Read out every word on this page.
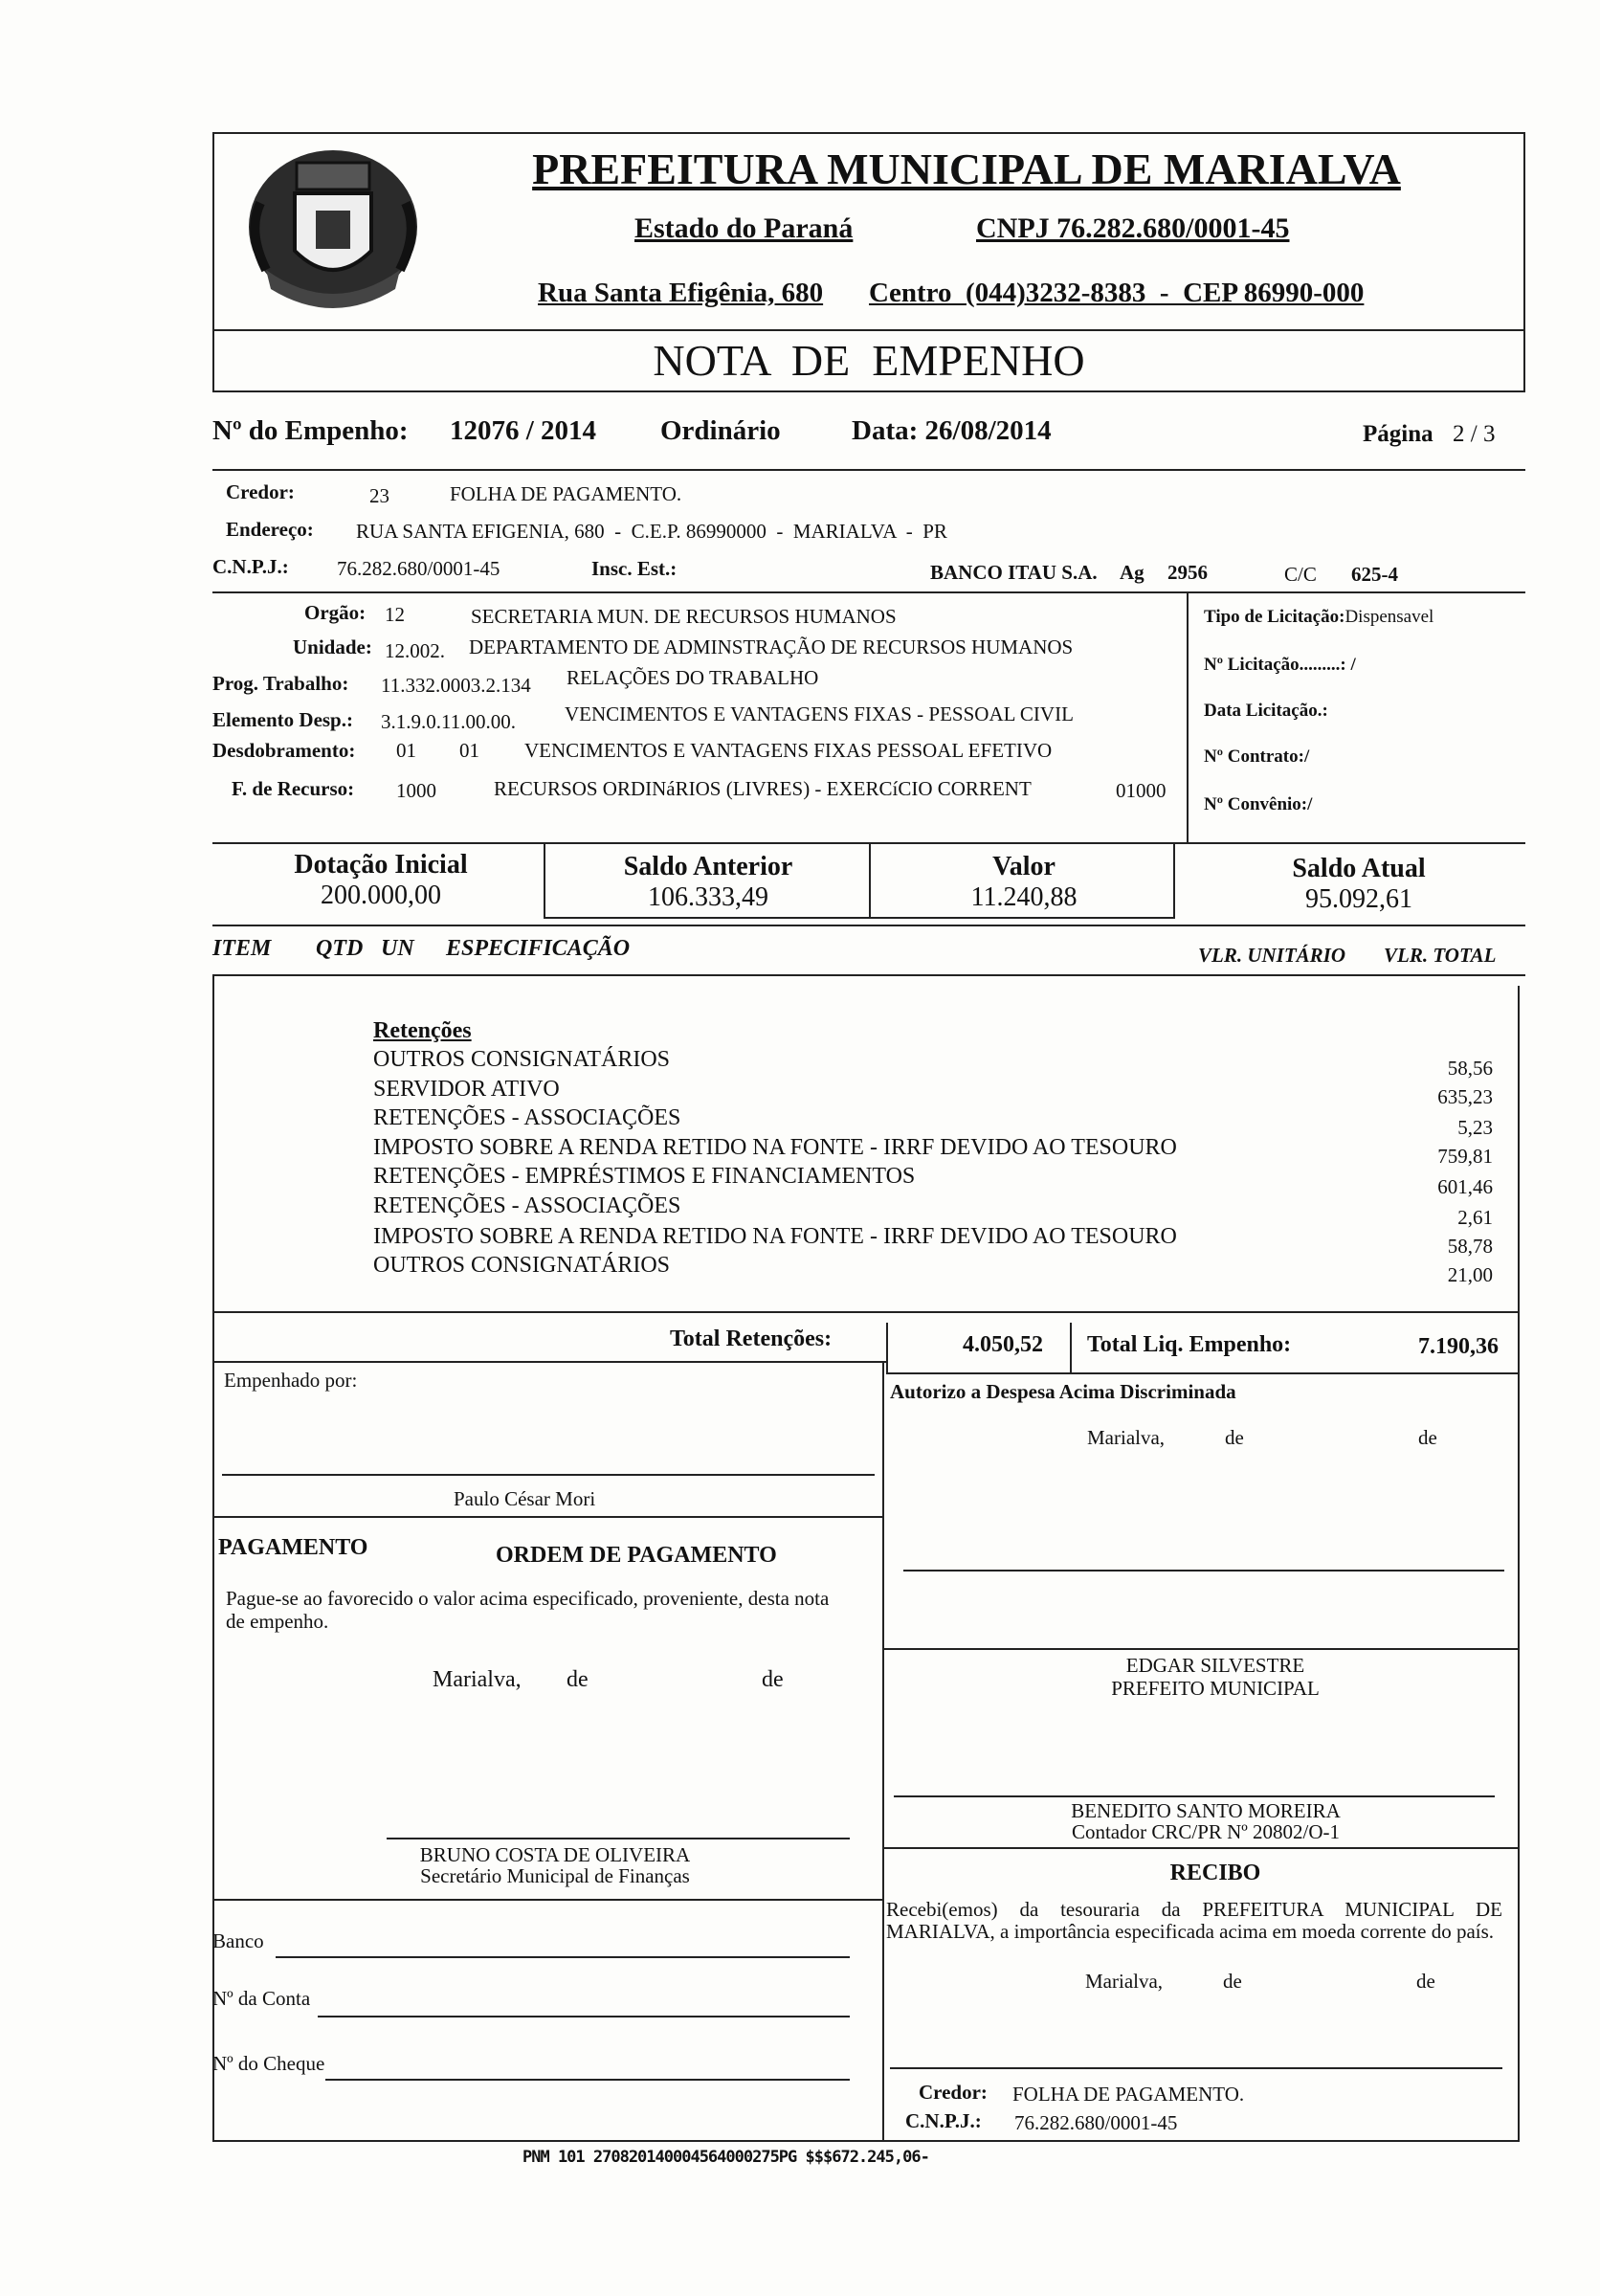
PREFEITURA MUNICIPAL DE MARIALVA
Estado do Paraná	CNPJ 76.282.680/0001-45
Rua Santa Efigênia, 680 Centro  (044)3232-8383  -  CEP 86990-000
NOTA  DE  EMPENHO
Nº do Empenho: 12076 / 2014 Ordinário	Data: 26/08/2014	Página 2 / 3
Credor:	23	FOLHA DE PAGAMENTO.
Endereço: RUA SANTA EFIGENIA, 680  -  C.E.P. 86990000  -  MARIALVA  -  PR
C.N.P.J.: 76.282.680/0001-45	Insc. Est.:	BANCO ITAU S.A. Ag 2956	C/C 625-4
Orgão: 12	SECRETARIA MUN. DE RECURSOS HUMANOS
Unidade: 12.002. DEPARTAMENTO DE ADMINSTRAÇÃO DE RECURSOS HUMANOS
Prog. Trabalho: 11.332.0003.2.134 RELAÇÕES DO TRABALHO
Elemento Desp.: 3.1.9.0.11.00.00. VENCIMENTOS E VANTAGENS FIXAS - PESSOAL CIVIL
Desdobramento: 01 01 VENCIMENTOS E VANTAGENS FIXAS PESSOAL EFETIVO
F. de Recurso: 1000	RECURSOS ORDINáRIOS (LIVRES) - EXERCíCIO CORRENT	01000
Tipo de Licitação:Dispensavel
Nº Licitação.........: /
Data Licitação.:
Nº Contrato:/
Nº Convênio:/
Dotação Inicial
200.000,00
Saldo Anterior
106.333,49
Valor
11.240,88
Saldo Atual
95.092,61
ITEM QTD UN ESPECIFICAÇÃO	VLR. UNITÁRIO VLR. TOTAL
Retenções
OUTROS CONSIGNATÁRIOS	58,56
SERVIDOR ATIVO	635,23
RETENÇÕES - ASSOCIAÇÕES	5,23
IMPOSTO SOBRE A RENDA RETIDO NA FONTE - IRRF DEVIDO AO TESOURO	759,81
RETENÇÕES - EMPRÉSTIMOS E FINANCIAMENTOS	601,46
RETENÇÕES - ASSOCIAÇÕES	2,61
IMPOSTO SOBRE A RENDA RETIDO NA FONTE - IRRF DEVIDO AO TESOURO	58,78
OUTROS CONSIGNATÁRIOS	21,00
Total Retenções:	4.050,52 Total Liq. Empenho:	7.190,36
Empenhado por:
Paulo César Mori
PAGAMENTO	ORDEM DE PAGAMENTO
Pague-se ao favorecido o valor acima especificado, proveniente, desta nota de empenho.
Marialva, de	de
BRUNO COSTA DE OLIVEIRA
Secretário Municipal de Finanças
Banco
Nº da Conta
Nº do Cheque
Autorizo a Despesa Acima Discriminada
Marialva,	de	de
EDGAR SILVESTRE
PREFEITO MUNICIPAL
BENEDITO SANTO MOREIRA
Contador CRC/PR Nº 20802/O-1
RECIBO
Recebi(emos) da tesouraria da PREFEITURA MUNICIPAL DE MARIALVA, a importância especificada acima em moeda corrente do país.
Marialva,	de	de
Credor: FOLHA DE PAGAMENTO.
C.N.P.J.: 76.282.680/0001-45
PNM 101 270820140004564000275PG $$$672.245,06-
